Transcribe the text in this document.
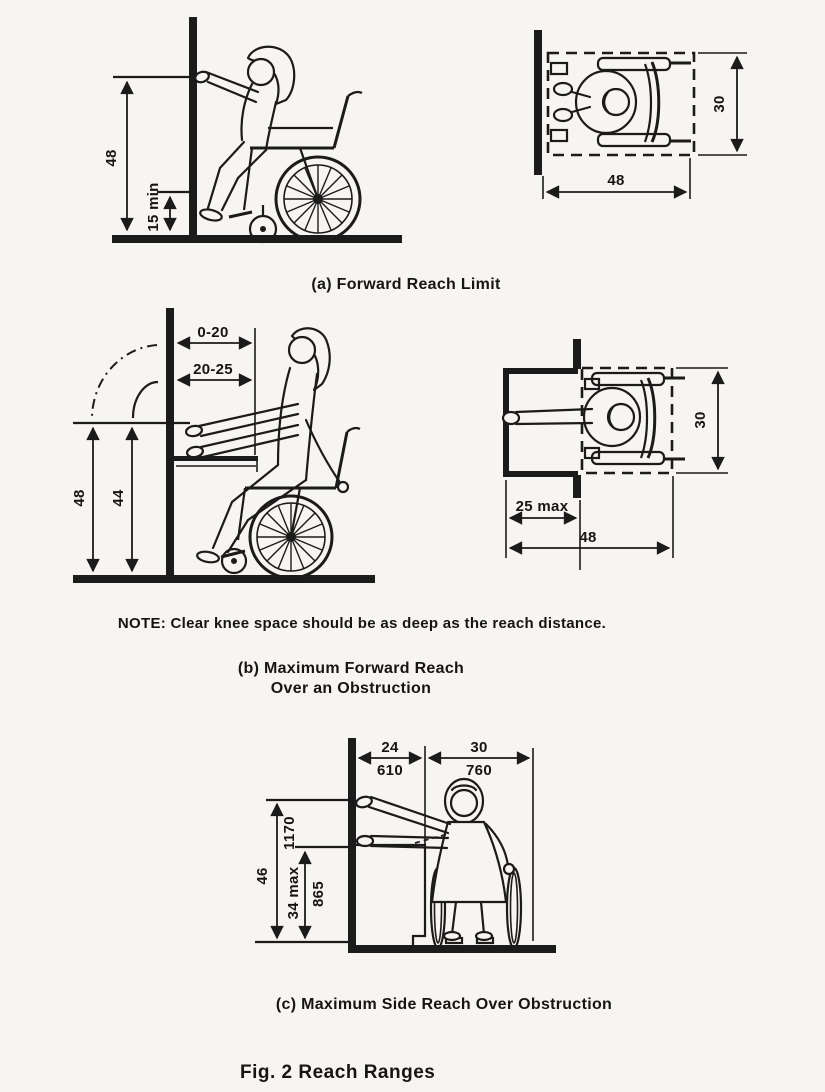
48
15 min
30
48
(a) Forward Reach Limit
0-20
20-25
48 44
30
25 max
48
NOTE: Clear knee space should be as deep as the reach distance.
(b) Maximum Forward Reach
Over an Obstruction
24
610
30
760
46
1170
34 max 865
(c) Maximum Side Reach Over Obstruction
Fig. 2 Reach Ranges
